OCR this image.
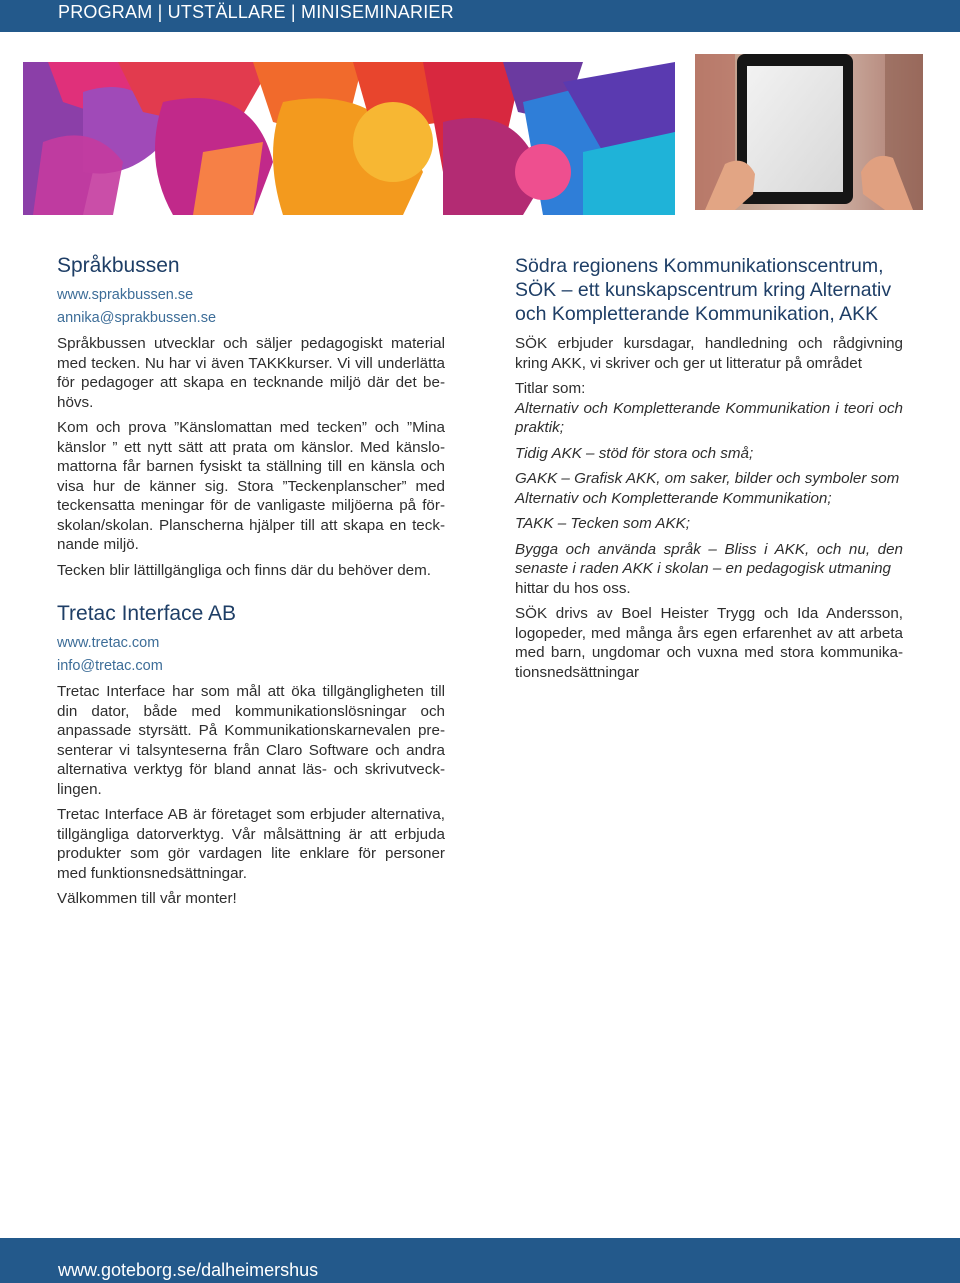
PROGRAM | UTSTÄLLARE | MINISEMINARIER
Språkbussen
www.sprakbussen.se
annika@sprakbussen.se

Språkbussen utvecklar och säljer pedagogiskt material med tecken. Nu har vi även TAKKkurser. Vi vill underlätta för pedagoger att skapa en tecknande miljö där det behövs.

Kom och prova ”Känslomattan med tecken” och ”Mina känslor ” ett nytt sätt att prata om känslor. Med känslomattorna får barnen fysiskt ta ställning till en känsla och visa hur de känner sig. Stora ”Teckenplanscher” med teckensatta meningar för de vanligaste miljöerna på förskolan/skolan. Planscherna hjälper till att skapa en tecknande miljö.

Tecken blir lättillgängliga och finns där du behöver dem.

Tretac Interface AB
www.tretac.com
info@tretac.com

Tretac Interface har som mål att öka tillgängligheten till din dator, både med kommunikationslösningar och anpassade styrsätt. På Kommunikationskarnevalen presenterar vi talsynteserna från Claro Software och andra alternativa verktyg för bland annat läs- och skrivutvecklingen.

Tretac Interface AB är företaget som erbjuder alternativa, tillgängliga datorverktyg. Vår målsättning är att erbjuda produkter som gör vardagen lite enklare för personer med funktionsnedsättningar.

Välkommen till vår monter!

Södra regionens Kommunikationscentrum, SÖK – ett kunskapscentrum kring Alternativ och Kompletterande Kommunikation, AKK

SÖK erbjuder kursdagar, handledning och rådgivning kring AKK, vi skriver och ger ut litteratur på området

Titlar som:

Alternativ och Kompletterande Kommunikation i teori och praktik;

Tidig AKK – stöd för stora och små;

GAKK – Grafisk AKK, om saker, bilder och symboler som Alternativ och Kompletterande Kommunikation;

TAKK – Tecken som AKK;

Bygga och använda språk – Bliss i AKK, och nu, den senaste i raden AKK i skolan – en pedagogisk utmaning

hittar du hos oss.

SÖK drivs av Boel Heister Trygg och Ida Andersson, logopeder, med många års egen erfarenhet av att arbeta med barn, ungdomar och vuxna med stora kommunikationsnedsättningar

www.goteborg.se/dalheimershus
